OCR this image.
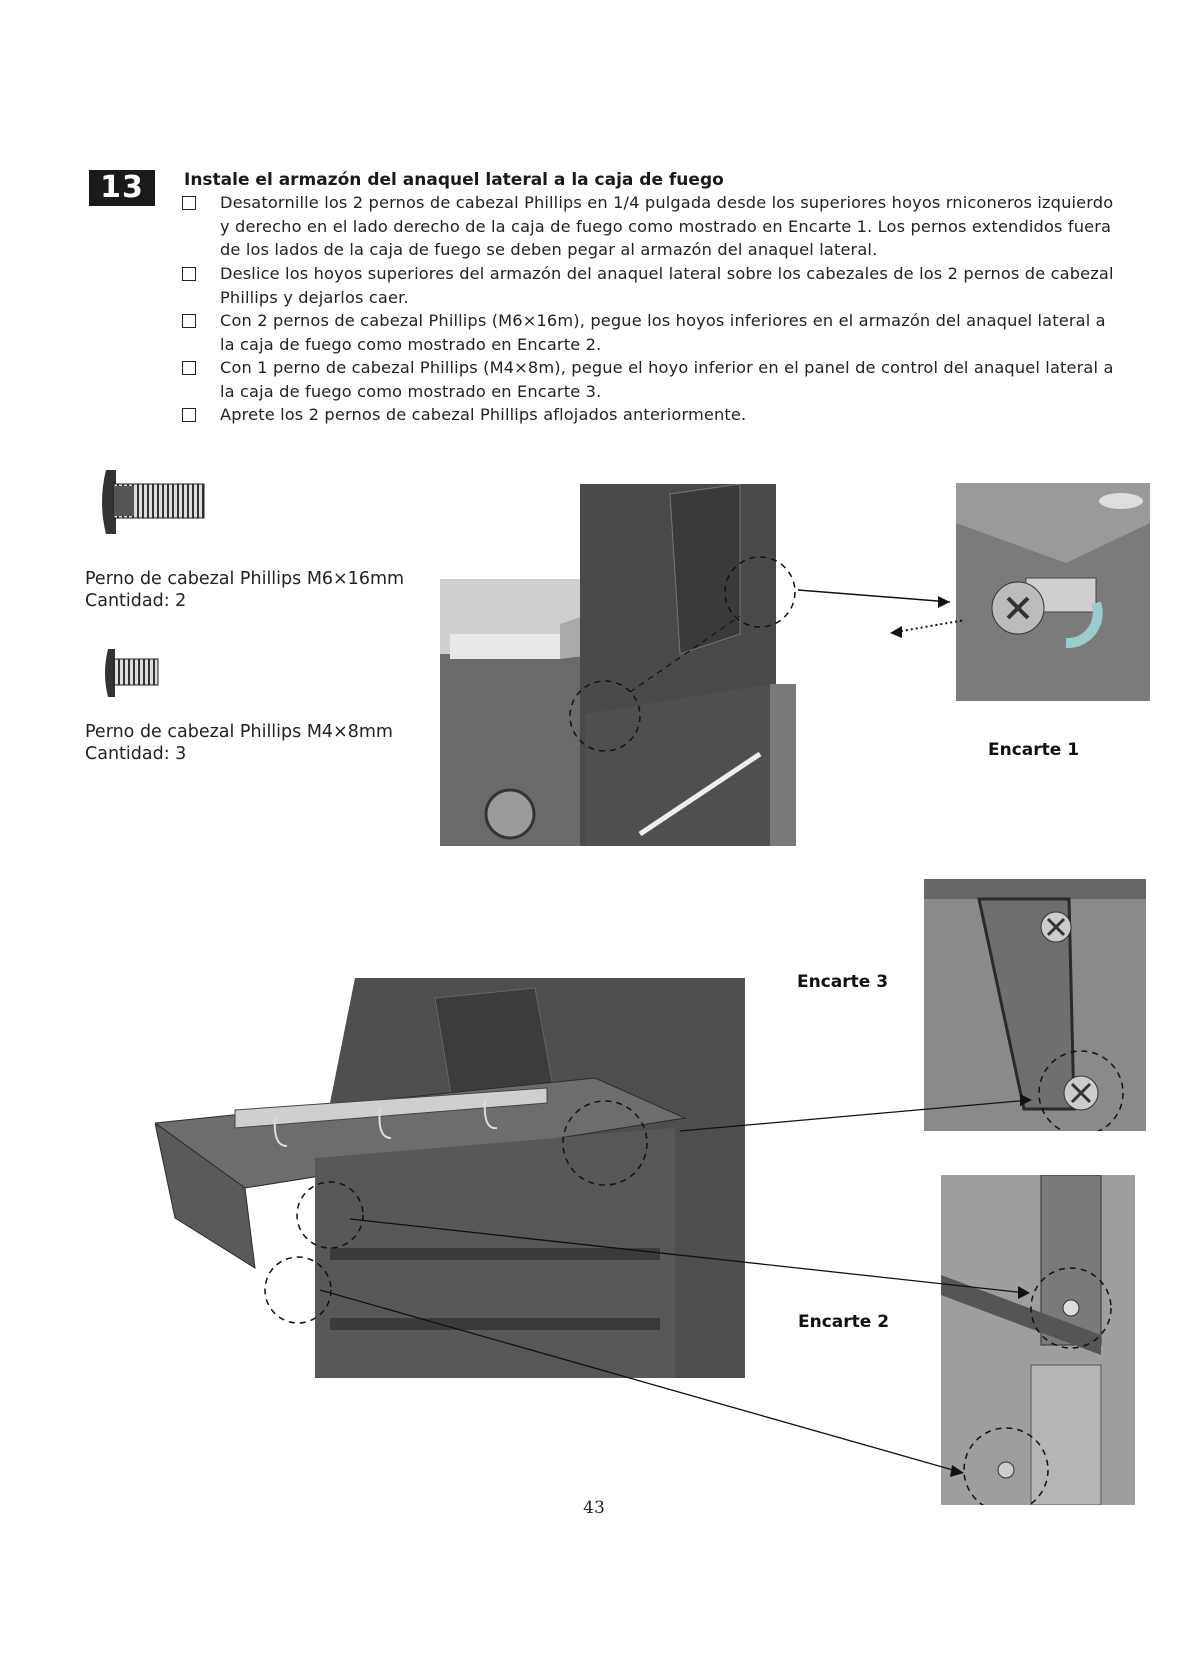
13	Instale el armazón del anaquel lateral a la caja de fuego
Desatornille los 2 pernos de cabezal Phillips en 1/4 pulgada desde los superiores hoyos rniconeros izquierdo y derecho en el lado derecho de la caja de fuego como mostrado en Encarte 1. Los pernos extendidos fuera de los lados de la caja de fuego se deben pegar al armazón del anaquel lateral.
Deslice los hoyos superiores del armazón del anaquel lateral sobre los cabezales de los 2 pernos de cabezal Phillips y dejarlos caer.
Con 2 pernos de cabezal Phillips (M6×16m), pegue los hoyos inferiores en el armazón del anaquel lateral a la caja de fuego como mostrado en Encarte 2.
Con 1 perno de cabezal Phillips (M4×8m), pegue el hoyo inferior en el panel de control del anaquel lateral a la caja de fuego como mostrado en Encarte 3.
Aprete los 2 pernos de cabezal Phillips aflojados anteriormente.
Perno de cabezal Phillips M6×16mm
Cantidad: 2
Perno de cabezal Phillips M4×8mm
Cantidad: 3	Encarte 1
Encarte 3
Encarte 2
43
